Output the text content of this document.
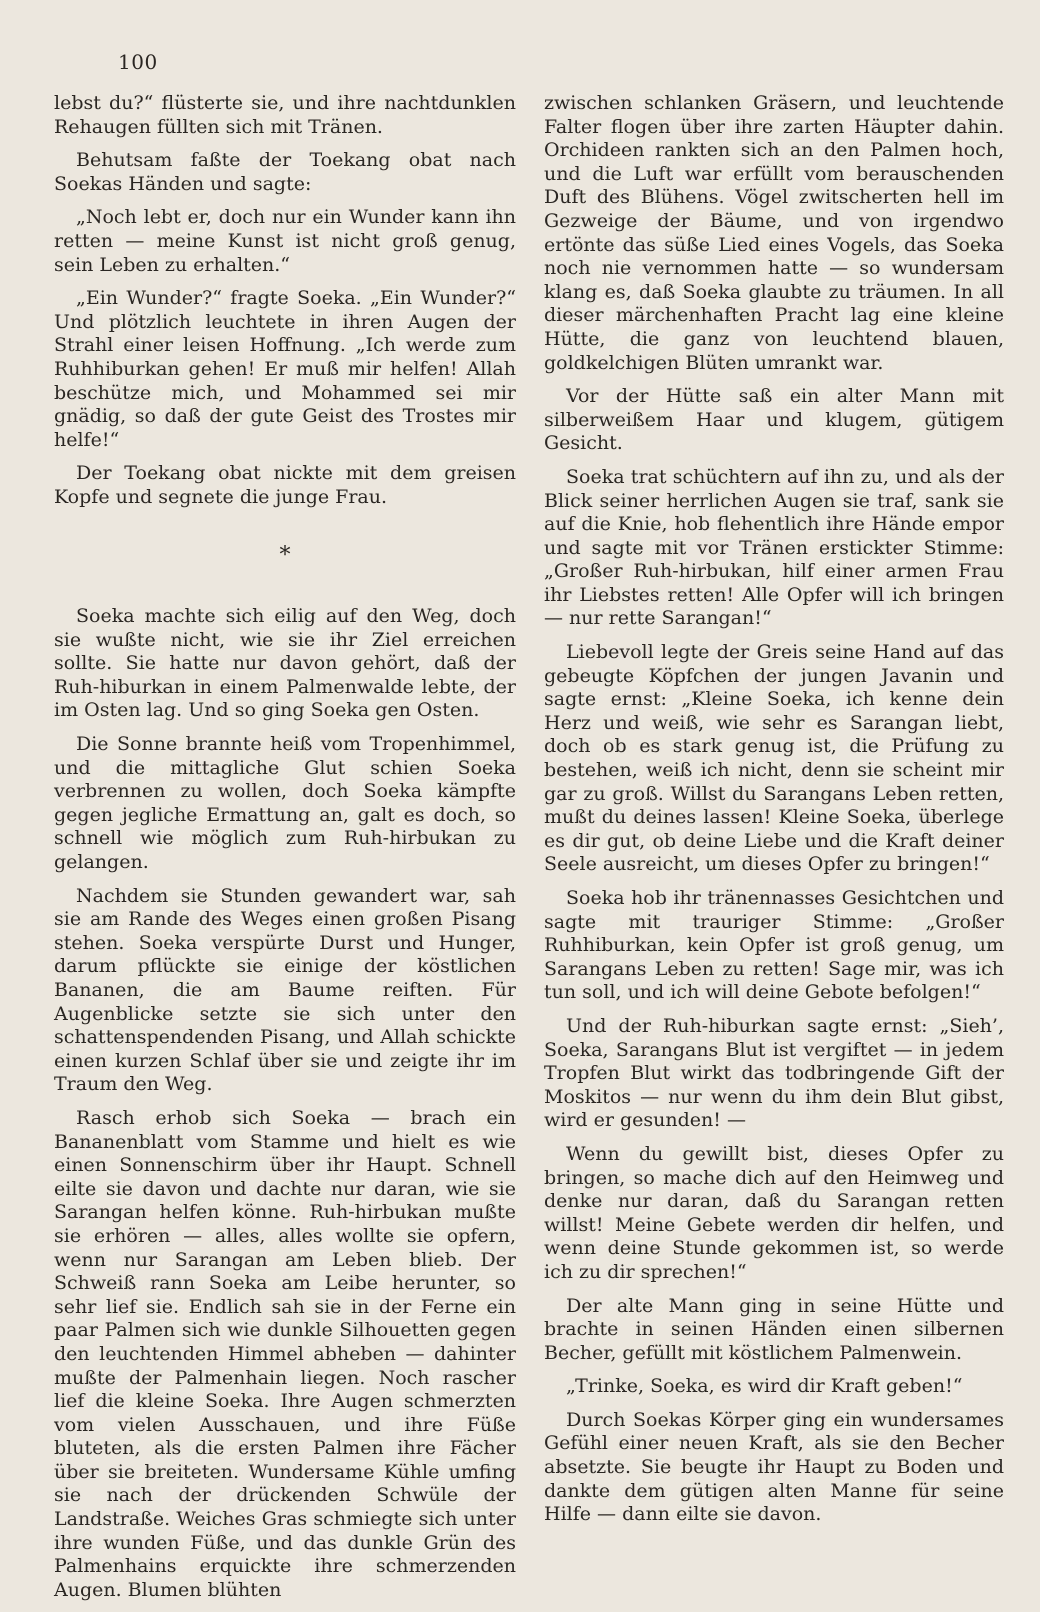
100

lebst du?“ flüsterte sie, und ihre nachtdunklen Rehaugen füllten sich mit Tränen.

Behutsam faßte der Toekang obat nach Soekas Händen und sagte:

„Noch lebt er, doch nur ein Wunder kann ihn retten — meine Kunst ist nicht groß genug, sein Leben zu erhalten.“

„Ein Wunder?“ fragte Soeka. „Ein Wunder?“ Und plötzlich leuchtete in ihren Augen der Strahl einer leisen Hoffnung. „Ich werde zum Ruhhiburkan gehen! Er muß mir helfen! Allah beschütze mich, und Mohammed sei mir gnädig, so daß der gute Geist des Trostes mir helfe!“

Der Toekang obat nickte mit dem greisen Kopfe und segnete die junge Frau.

*

Soeka machte sich eilig auf den Weg, doch sie wußte nicht, wie sie ihr Ziel erreichen sollte. Sie hatte nur davon gehört, daß der Ruh-hiburkan in einem Palmenwalde lebte, der im Osten lag. Und so ging Soeka gen Osten.

Die Sonne brannte heiß vom Tropenhimmel, und die mittagliche Glut schien Soeka verbrennen zu wollen, doch Soeka kämpfte gegen jegliche Ermattung an, galt es doch, so schnell wie möglich zum Ruh-hirbukan zu gelangen.

Nachdem sie Stunden gewandert war, sah sie am Rande des Weges einen großen Pisang stehen. Soeka verspürte Durst und Hunger, darum pflückte sie einige der köstlichen Bananen, die am Baume reiften. Für Augenblicke setzte sie sich unter den schattenspendenden Pisang, und Allah schickte einen kurzen Schlaf über sie und zeigte ihr im Traum den Weg.

Rasch erhob sich Soeka — brach ein Bananenblatt vom Stamme und hielt es wie einen Sonnenschirm über ihr Haupt. Schnell eilte sie davon und dachte nur daran, wie sie Sarangan helfen könne. Ruh-hirbukan mußte sie erhören — alles, alles wollte sie opfern, wenn nur Sarangan am Leben blieb. Der Schweiß rann Soeka am Leibe herunter, so sehr lief sie. Endlich sah sie in der Ferne ein paar Palmen sich wie dunkle Silhouetten gegen den leuchtenden Himmel abheben — dahinter mußte der Palmenhain liegen. Noch rascher lief die kleine Soeka. Ihre Augen schmerzten vom vielen Ausschauen, und ihre Füße bluteten, als die ersten Palmen ihre Fächer über sie breiteten. Wundersame Kühle umfing sie nach der drückenden Schwüle der Landstraße. Weiches Gras schmiegte sich unter ihre wunden Füße, und das dunkle Grün des Palmenhains erquickte ihre schmerzenden Augen. Blumen blühten

zwischen schlanken Gräsern, und leuchtende Falter flogen über ihre zarten Häupter dahin. Orchideen rankten sich an den Palmen hoch, und die Luft war erfüllt vom berauschenden Duft des Blühens. Vögel zwitscherten hell im Gezweige der Bäume, und von irgendwo ertönte das süße Lied eines Vogels, das Soeka noch nie vernommen hatte — so wundersam klang es, daß Soeka glaubte zu träumen. In all dieser märchenhaften Pracht lag eine kleine Hütte, die ganz von leuchtend blauen, goldkelchigen Blüten umrankt war.

Vor der Hütte saß ein alter Mann mit silberweißem Haar und klugem, gütigem Gesicht.

Soeka trat schüchtern auf ihn zu, und als der Blick seiner herrlichen Augen sie traf, sank sie auf die Knie, hob flehentlich ihre Hände empor und sagte mit vor Tränen erstickter Stimme: „Großer Ruh-hirbukan, hilf einer armen Frau ihr Liebstes retten! Alle Opfer will ich bringen — nur rette Sarangan!“

Liebevoll legte der Greis seine Hand auf das gebeugte Köpfchen der jungen Javanin und sagte ernst: „Kleine Soeka, ich kenne dein Herz und weiß, wie sehr es Sarangan liebt, doch ob es stark genug ist, die Prüfung zu bestehen, weiß ich nicht, denn sie scheint mir gar zu groß. Willst du Sarangans Leben retten, mußt du deines lassen! Kleine Soeka, überlege es dir gut, ob deine Liebe und die Kraft deiner Seele ausreicht, um dieses Opfer zu bringen!“

Soeka hob ihr tränennasses Gesichtchen und sagte mit trauriger Stimme: „Großer Ruhhiburkan, kein Opfer ist groß genug, um Sarangans Leben zu retten! Sage mir, was ich tun soll, und ich will deine Gebote befolgen!“

Und der Ruh-hiburkan sagte ernst: „Sieh’, Soeka, Sarangans Blut ist vergiftet — in jedem Tropfen Blut wirkt das todbringende Gift der Moskitos — nur wenn du ihm dein Blut gibst, wird er gesunden! —

Wenn du gewillt bist, dieses Opfer zu bringen, so mache dich auf den Heimweg und denke nur daran, daß du Sarangan retten willst! Meine Gebete werden dir helfen, und wenn deine Stunde gekommen ist, so werde ich zu dir sprechen!“

Der alte Mann ging in seine Hütte und brachte in seinen Händen einen silbernen Becher, gefüllt mit köstlichem Palmenwein.

„Trinke, Soeka, es wird dir Kraft geben!“

Durch Soekas Körper ging ein wundersames Gefühl einer neuen Kraft, als sie den Becher absetzte. Sie beugte ihr Haupt zu Boden und dankte dem gütigen alten Manne für seine Hilfe — dann eilte sie davon.
